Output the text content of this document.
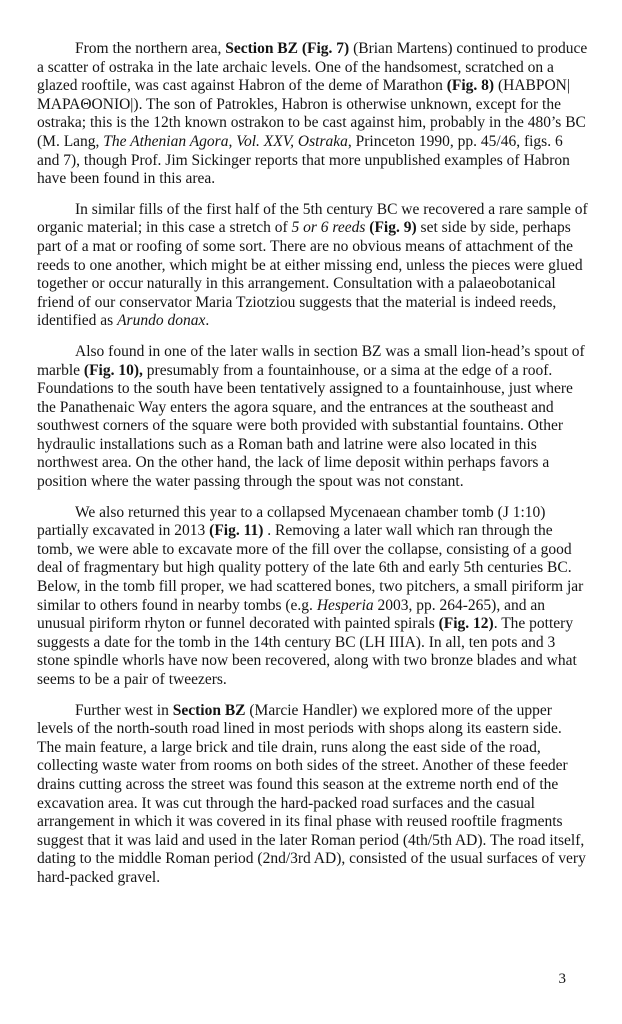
From the northern area, Section BZ (Fig. 7) (Brian Martens) continued to produce a scatter of ostraka in the late archaic levels. One of the handsomest, scratched on a glazed rooftile, was cast against Habron of the deme of Marathon (Fig. 8) (HABPON| MAPAΘONIO|). The son of Patrokles, Habron is otherwise unknown, except for the ostraka; this is the 12th known ostrakon to be cast against him, probably in the 480’s BC (M. Lang, The Athenian Agora, Vol. XXV, Ostraka, Princeton 1990, pp. 45/46, figs. 6 and 7), though Prof. Jim Sickinger reports that more unpublished examples of Habron have been found in this area.

In similar fills of the first half of the 5th century BC we recovered a rare sample of organic material; in this case a stretch of 5 or 6 reeds (Fig. 9) set side by side, perhaps part of a mat or roofing of some sort. There are no obvious means of attachment of the reeds to one another, which might be at either missing end, unless the pieces were glued together or occur naturally in this arrangement. Consultation with a palaeobotanical friend of our conservator Maria Tziotziou suggests that the material is indeed reeds, identified as Arundo donax.

Also found in one of the later walls in section BZ was a small lion-head’s spout of marble (Fig. 10), presumably from a fountainhouse, or a sima at the edge of a roof. Foundations to the south have been tentatively assigned to a fountainhouse, just where the Panathenaic Way enters the agora square, and the entrances at the southeast and southwest corners of the square were both provided with substantial fountains. Other hydraulic installations such as a Roman bath and latrine were also located in this northwest area. On the other hand, the lack of lime deposit within perhaps favors a position where the water passing through the spout was not constant.

We also returned this year to a collapsed Mycenaean chamber tomb (J 1:10) partially excavated in 2013 (Fig. 11) . Removing a later wall which ran through the tomb, we were able to excavate more of the fill over the collapse, consisting of a good deal of fragmentary but high quality pottery of the late 6th and early 5th centuries BC. Below, in the tomb fill proper, we had scattered bones, two pitchers, a small piriform jar similar to others found in nearby tombs (e.g. Hesperia 2003, pp. 264-265), and an unusual piriform rhyton or funnel decorated with painted spirals (Fig. 12). The pottery suggests a date for the tomb in the 14th century BC (LH IIIA). In all, ten pots and 3 stone spindle whorls have now been recovered, along with two bronze blades and what seems to be a pair of tweezers.

Further west in Section BZ (Marcie Handler) we explored more of the upper levels of the north-south road lined in most periods with shops along its eastern side. The main feature, a large brick and tile drain, runs along the east side of the road, collecting waste water from rooms on both sides of the street. Another of these feeder drains cutting across the street was found this season at the extreme north end of the excavation area. It was cut through the hard-packed road surfaces and the casual arrangement in which it was covered in its final phase with reused rooftile fragments suggest that it was laid and used in the later Roman period (4th/5th AD). The road itself, dating to the middle Roman period (2nd/3rd AD), consisted of the usual surfaces of very hard-packed gravel.

3
